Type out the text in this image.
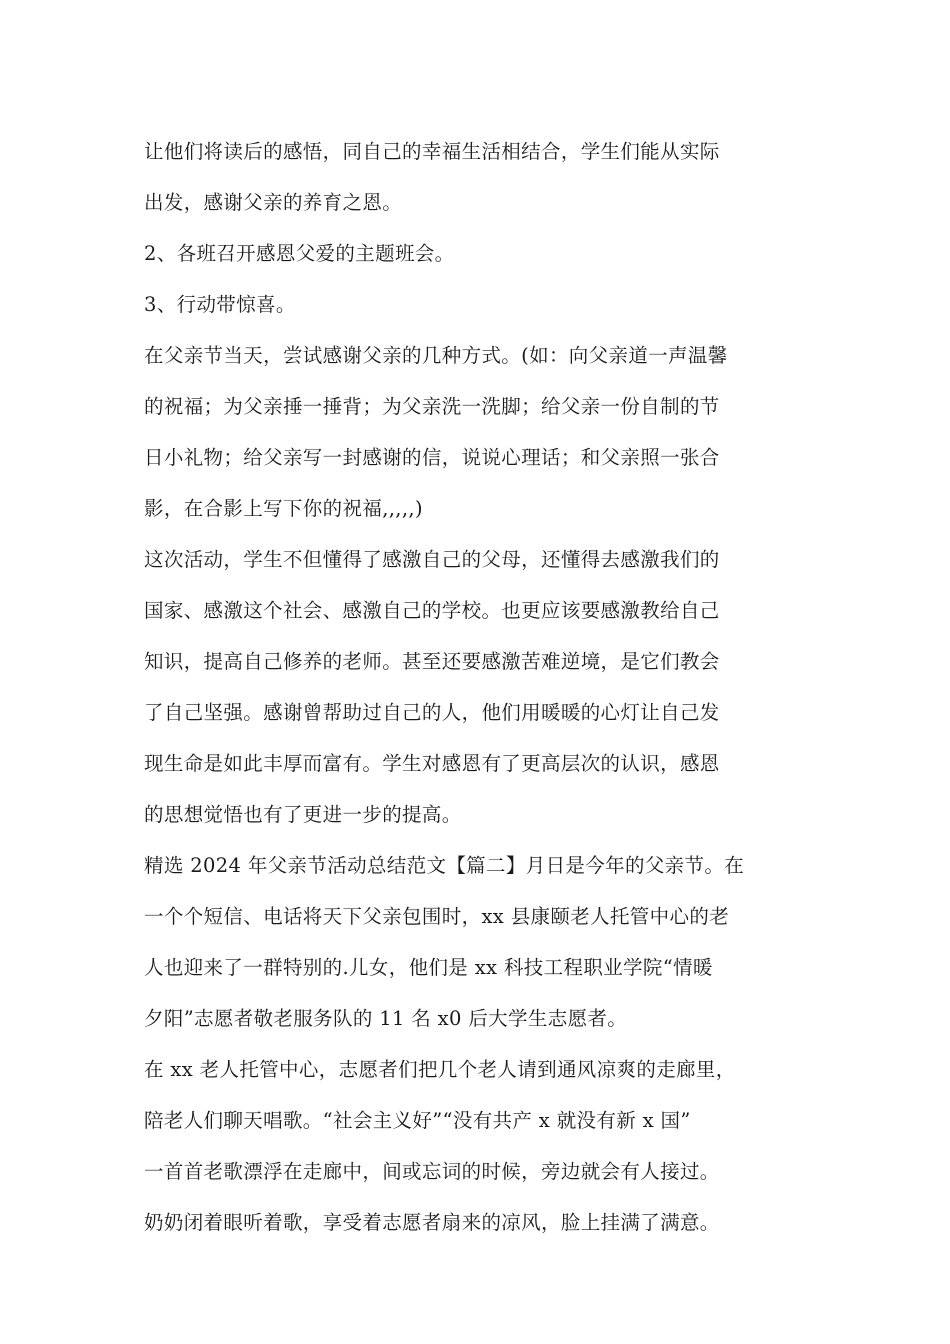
让他们将读后的感悟，同自己的幸福生活相结合，学生们能从实际
出发，感谢父亲的养育之恩。
2、各班召开感恩父爱的主题班会。
3、行动带惊喜。
在父亲节当天，尝试感谢父亲的几种方式。(如：向父亲道一声温馨
的祝福；为父亲捶一捶背；为父亲洗一洗脚；给父亲一份自制的节
日小礼物；给父亲写一封感谢的信，说说心理话；和父亲照一张合
影，在合影上写下你的祝福,,,,,)
这次活动，学生不但懂得了感激自己的父母，还懂得去感激我们的
国家、感激这个社会、感激自己的学校。也更应该要感激教给自己
知识，提高自己修养的老师。甚至还要感激苦难逆境，是它们教会
了自己坚强。感谢曾帮助过自己的人，他们用暖暖的心灯让自己发
现生命是如此丰厚而富有。学生对感恩有了更高层次的认识，感恩
的思想觉悟也有了更进一步的提高。
精选 2024 年父亲节活动总结范文【篇二】月日是今年的父亲节。在
一个个短信、电话将天下父亲包围时，xx 县康颐老人托管中心的老
人也迎来了一群特别的.儿女，他们是 xx 科技工程职业学院“情暖
夕阳”志愿者敬老服务队的 11 名 x0 后大学生志愿者。
在 xx 老人托管中心，志愿者们把几个老人请到通风凉爽的走廊里，
陪老人们聊天唱歌。“社会主义好”“没有共产 x 就没有新 x 国”
一首首老歌漂浮在走廊中，间或忘词的时候，旁边就会有人接过。
奶奶闭着眼听着歌，享受着志愿者扇来的凉风，脸上挂满了满意。
